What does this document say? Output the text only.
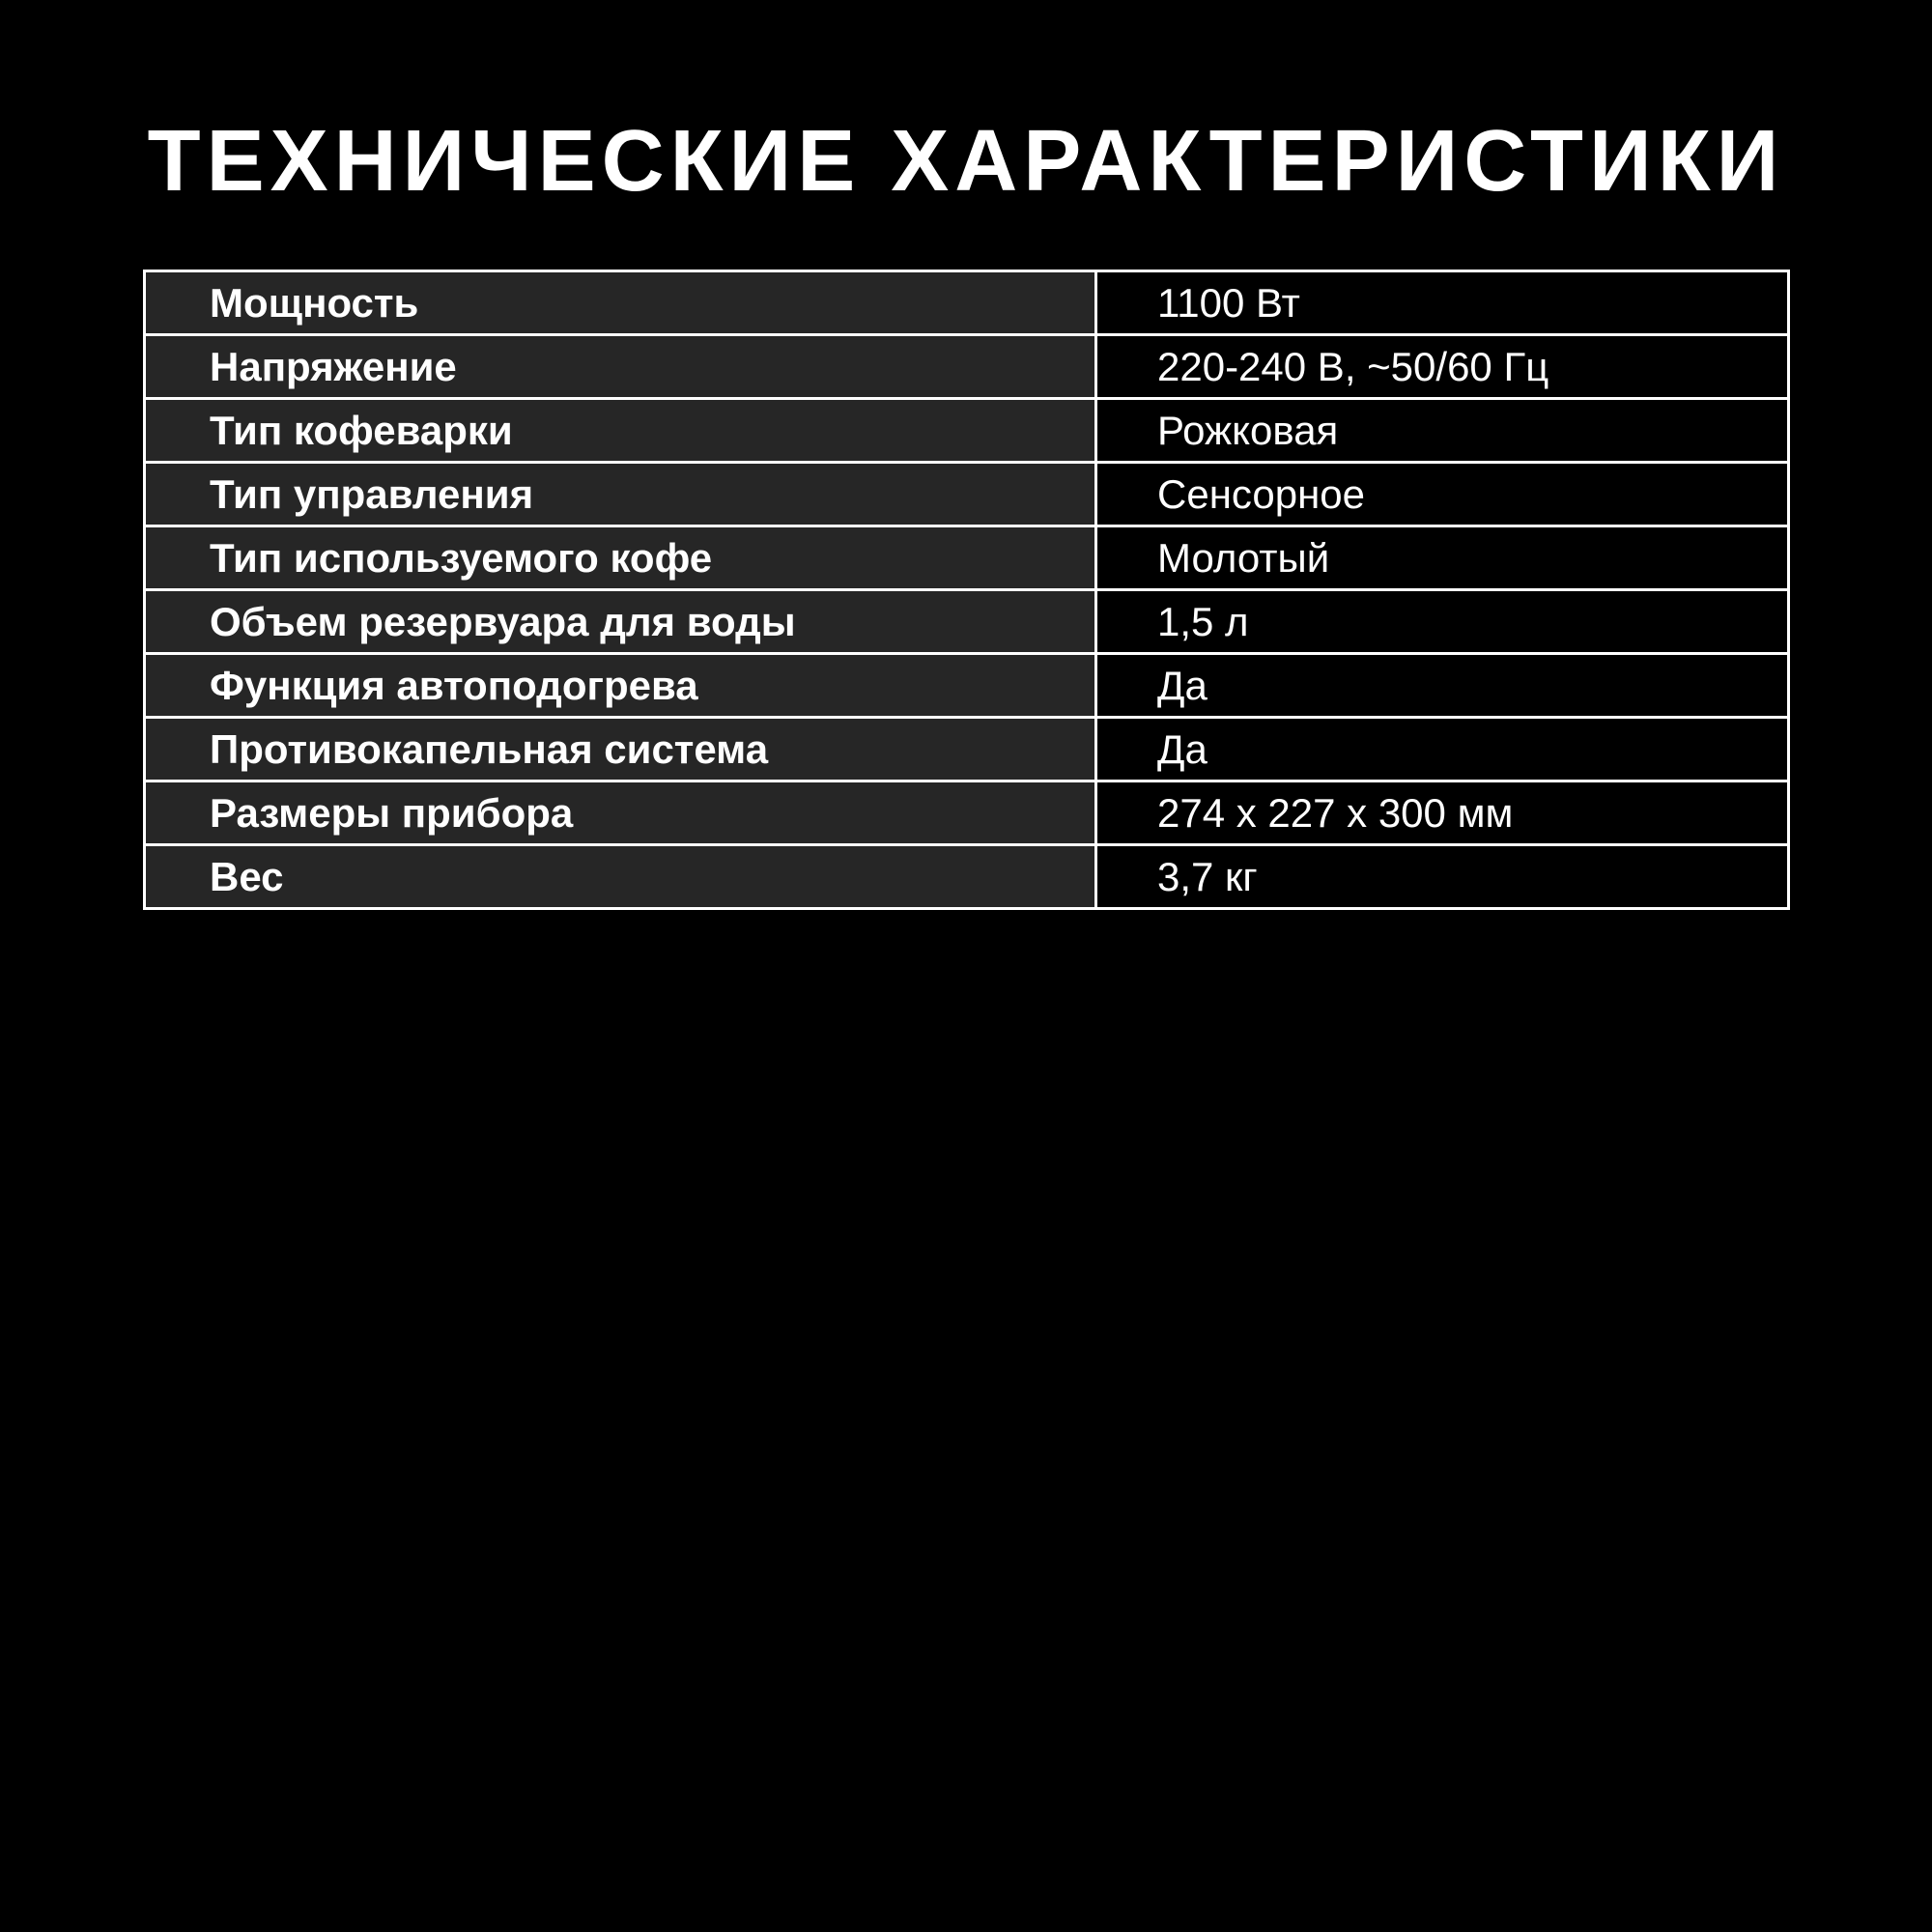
ТЕХНИЧЕСКИЕ ХАРАКТЕРИСТИКИ
Мощность	1100 Вт
Напряжение	220-240 В, ~50/60 Гц
Тип кофеварки	Рожковая
Тип управления	Сенсорное
Тип используемого кофе	Молотый
Объем резервуара для воды	1,5 л
Функция автоподогрева	Да
Противокапельная система	Да
Размеры прибора	274 x 227 x 300 мм
Вес	3,7 кг
